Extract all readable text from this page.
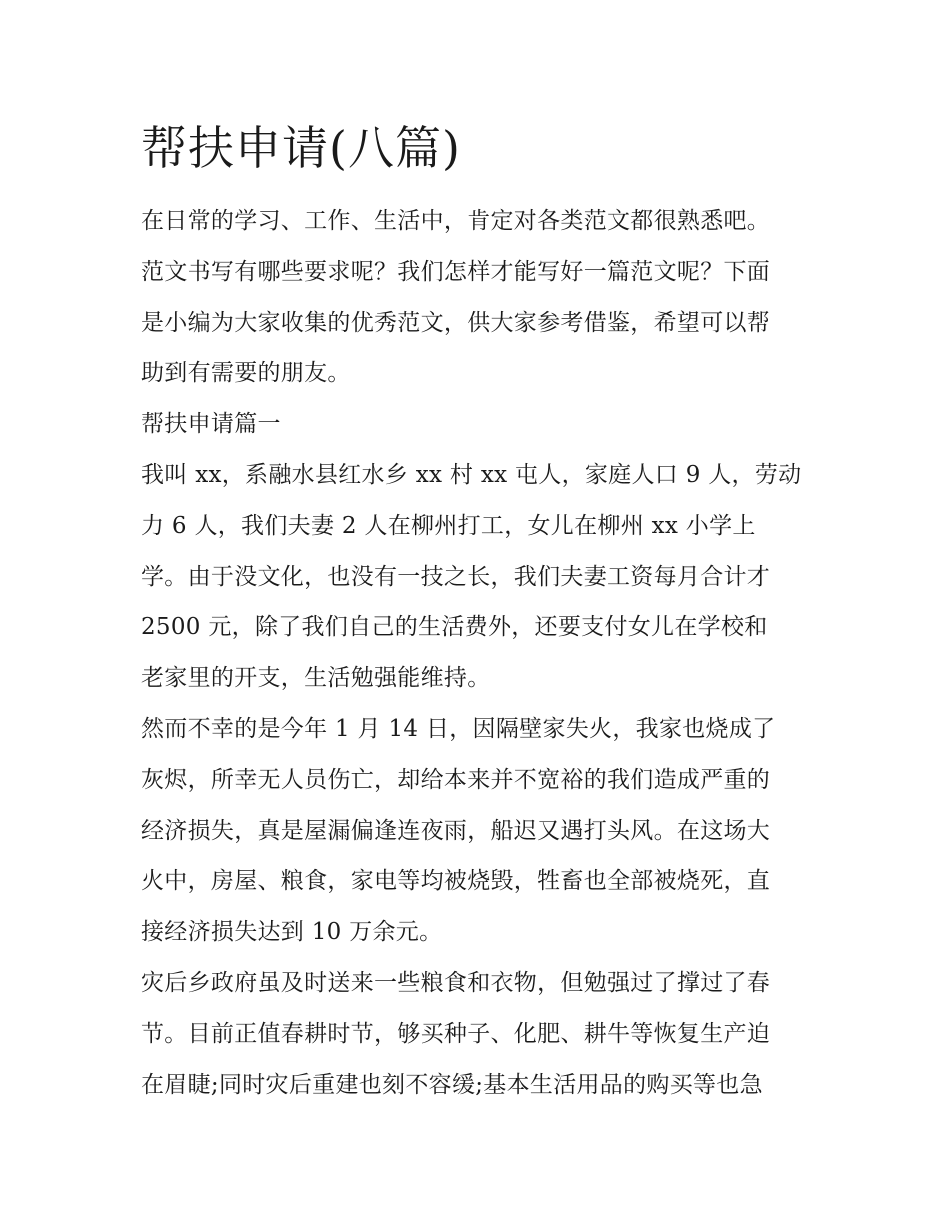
帮扶申请(八篇)
在日常的学习、工作、生活中，肯定对各类范文都很熟悉吧。
范文书写有哪些要求呢？我们怎样才能写好一篇范文呢？下面
是小编为大家收集的优秀范文，供大家参考借鉴，希望可以帮
助到有需要的朋友。
帮扶申请篇一
我叫 xx，系融水县红水乡 xx 村 xx 屯人，家庭人口 9 人，劳动
力 6 人，我们夫妻 2 人在柳州打工，女儿在柳州 xx 小学上
学。由于没文化，也没有一技之长，我们夫妻工资每月合计才
2500 元，除了我们自己的生活费外，还要支付女儿在学校和
老家里的开支，生活勉强能维持。
然而不幸的是今年 1 月 14 日，因隔壁家失火，我家也烧成了
灰烬，所幸无人员伤亡，却给本来并不宽裕的我们造成严重的
经济损失，真是屋漏偏逢连夜雨，船迟又遇打头风。在这场大
火中，房屋、粮食，家电等均被烧毁，牲畜也全部被烧死，直
接经济损失达到 10 万余元。
灾后乡政府虽及时送来一些粮食和衣物，但勉强过了撑过了春
节。目前正值春耕时节，够买种子、化肥、耕牛等恢复生产迫
在眉睫;同时灾后重建也刻不容缓;基本生活用品的购买等也急
